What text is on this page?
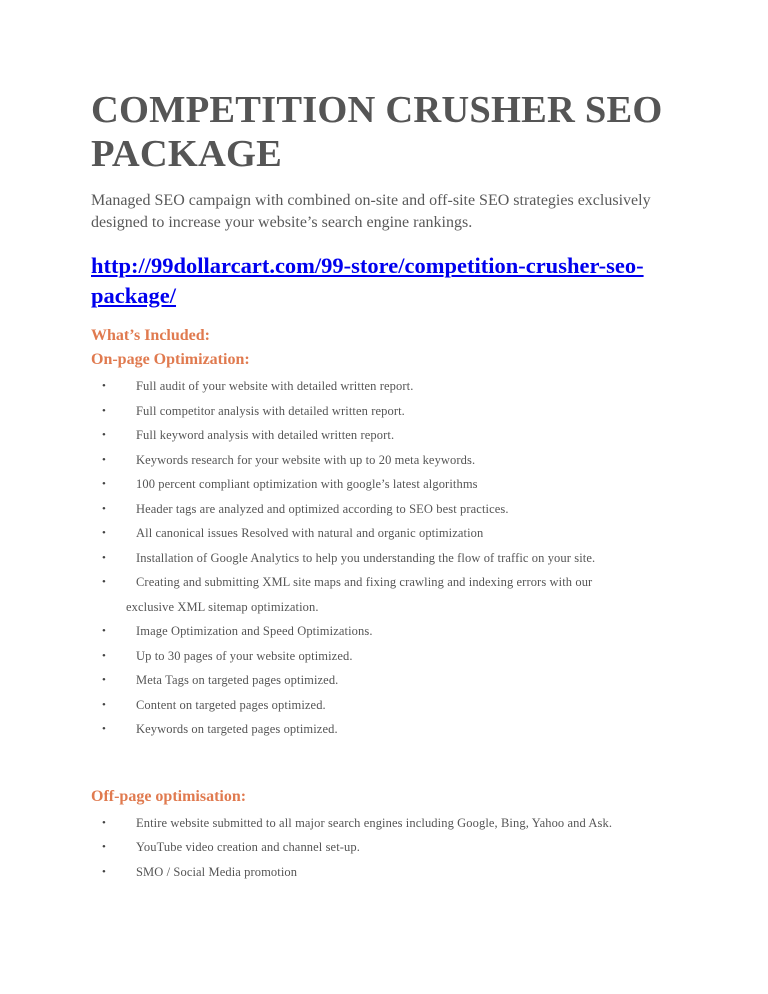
COMPETITION CRUSHER SEO PACKAGE

Managed SEO campaign with combined on-site and off-site SEO strategies exclusively designed to increase your website’s search engine rankings.

http://99dollarcart.com/99-store/competition-crusher-seo-package/

What’s Included:

On-page Optimization:

• Full audit of your website with detailed written report.
• Full competitor analysis with detailed written report.
• Full keyword analysis with detailed written report.
• Keywords research for your website with up to 20 meta keywords.
• 100 percent compliant optimization with google’s latest algorithms
• Header tags are analyzed and optimized according to SEO best practices.
• All canonical issues Resolved with natural and organic optimization
• Installation of Google Analytics to help you understanding the flow of traffic on your site.
• Creating and submitting XML site maps and fixing crawling and indexing errors with our
exclusive XML sitemap optimization.
• Image Optimization and Speed Optimizations.
• Up to 30 pages of your website optimized.
• Meta Tags on targeted pages optimized.
• Content on targeted pages optimized.
• Keywords on targeted pages optimized.

Off-page optimisation:

• Entire website submitted to all major search engines including Google, Bing, Yahoo and Ask.
• YouTube video creation and channel set-up.
• SMO / Social Media promotion
